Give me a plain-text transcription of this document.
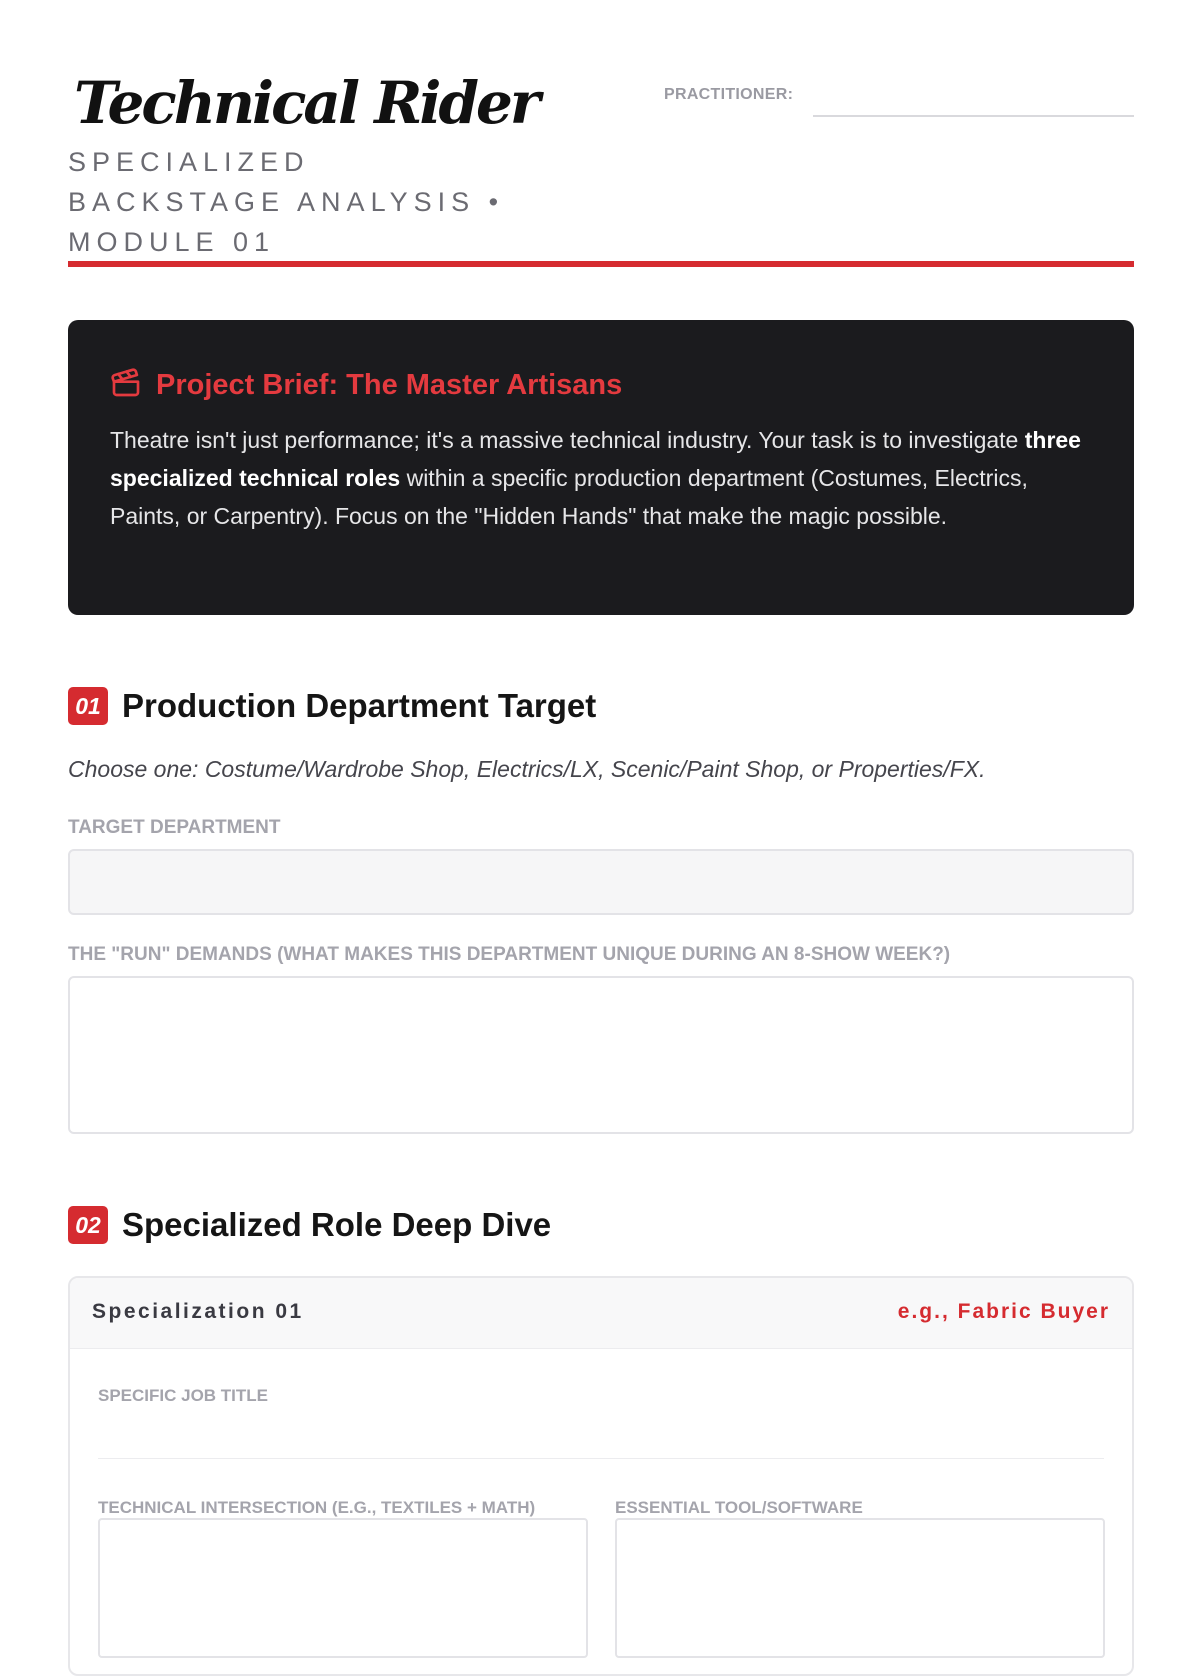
Technical Rider

SPECIALIZED BACKSTAGE ANALYSIS • MODULE 01

PRACTITIONER:
Project Brief: The Master Artisans

Theatre isn't just performance; it's a massive technical industry. Your task is to investigate three specialized technical roles within a specific production department (Costumes, Electrics, Paints, or Carpentry). Focus on the "Hidden Hands" that make the magic possible.

01 Production Department Target

Choose one: Costume/Wardrobe Shop, Electrics/LX, Scenic/Paint Shop, or Properties/FX.

TARGET DEPARTMENT
THE "RUN" DEMANDS (WHAT MAKES THIS DEPARTMENT UNIQUE DURING AN 8-SHOW WEEK?)
02 Specialized Role Deep Dive
Specialization 01	e.g., Fabric Buyer
SPECIFIC JOB TITLE
TECHNICAL INTERSECTION (E.G., TEXTILES + MATH)	ESSENTIAL TOOL/SOFTWARE
